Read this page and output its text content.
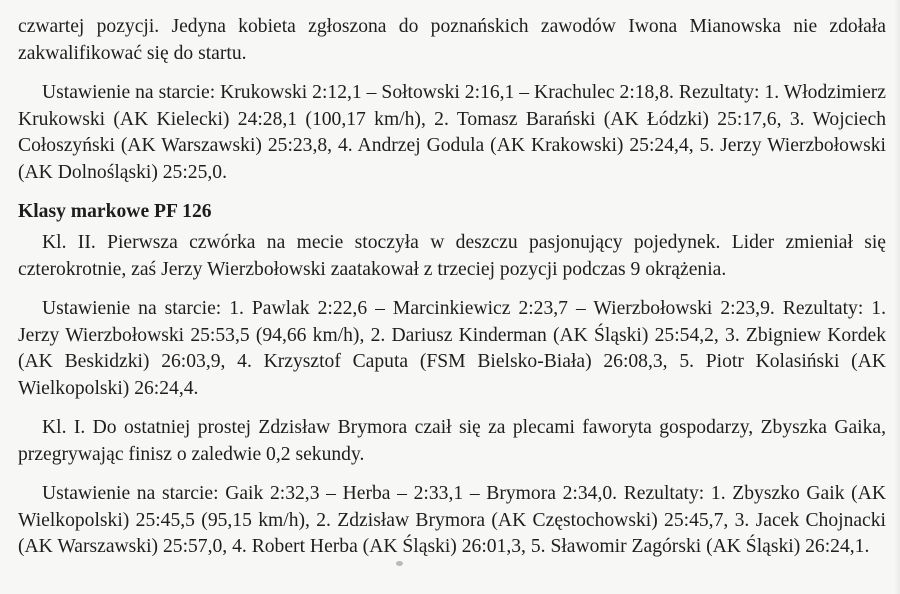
czwartej pozycji. Jedyna kobieta zgłoszona do poznańskich zawodów Iwona Mianowska nie zdołała zakwalifikować się do startu.

Ustawienie na starcie: Krukowski 2:12,1 – Sołtowski 2:16,1 – Krachulec 2:18,8. Rezultaty: 1. Włodzimierz Krukowski (AK Kielecki) 24:28,1 (100,17 km/h), 2. Tomasz Barański (AK Łódzki) 25:17,6, 3. Wojciech Cołoszyński (AK Warszawski) 25:23,8, 4. Andrzej Godula (AK Krakowski) 25:24,4, 5. Jerzy Wierzbołowski (AK Dolnośląski) 25:25,0.

Klasy markowe PF 126

Kl. II. Pierwsza czwórka na mecie stoczyła w deszczu pasjonujący pojedynek. Lider zmieniał się czterokrotnie, zaś Jerzy Wierzbołowski zaatakował z trzeciej pozycji podczas 9 okrążenia.

Ustawienie na starcie: 1. Pawlak 2:22,6 – Marcinkiewicz 2:23,7 – Wierzbołowski 2:23,9. Rezultaty: 1. Jerzy Wierzbołowski 25:53,5 (94,66 km/h), 2. Dariusz Kinderman (AK Śląski) 25:54,2, 3. Zbigniew Kordek (AK Beskidzki) 26:03,9, 4. Krzysztof Caputa (FSM Bielsko-Biała) 26:08,3, 5. Piotr Kolasiński (AK Wielkopolski) 26:24,4.

Kl. I. Do ostatniej prostej Zdzisław Brymora czaił się za plecami faworyta gospodarzy, Zbyszka Gaika, przegrywając finisz o zaledwie 0,2 sekundy.

Ustawienie na starcie: Gaik 2:32,3 – Herba – 2:33,1 – Brymora 2:34,0. Rezultaty: 1. Zbyszko Gaik (AK Wielkopolski) 25:45,5 (95,15 km/h), 2. Zdzisław Brymora (AK Częstochowski) 25:45,7, 3. Jacek Chojnacki (AK Warszawski) 25:57,0, 4. Robert Herba (AK Śląski) 26:01,3, 5. Sławomir Zagórski (AK Śląski) 26:24,1.
